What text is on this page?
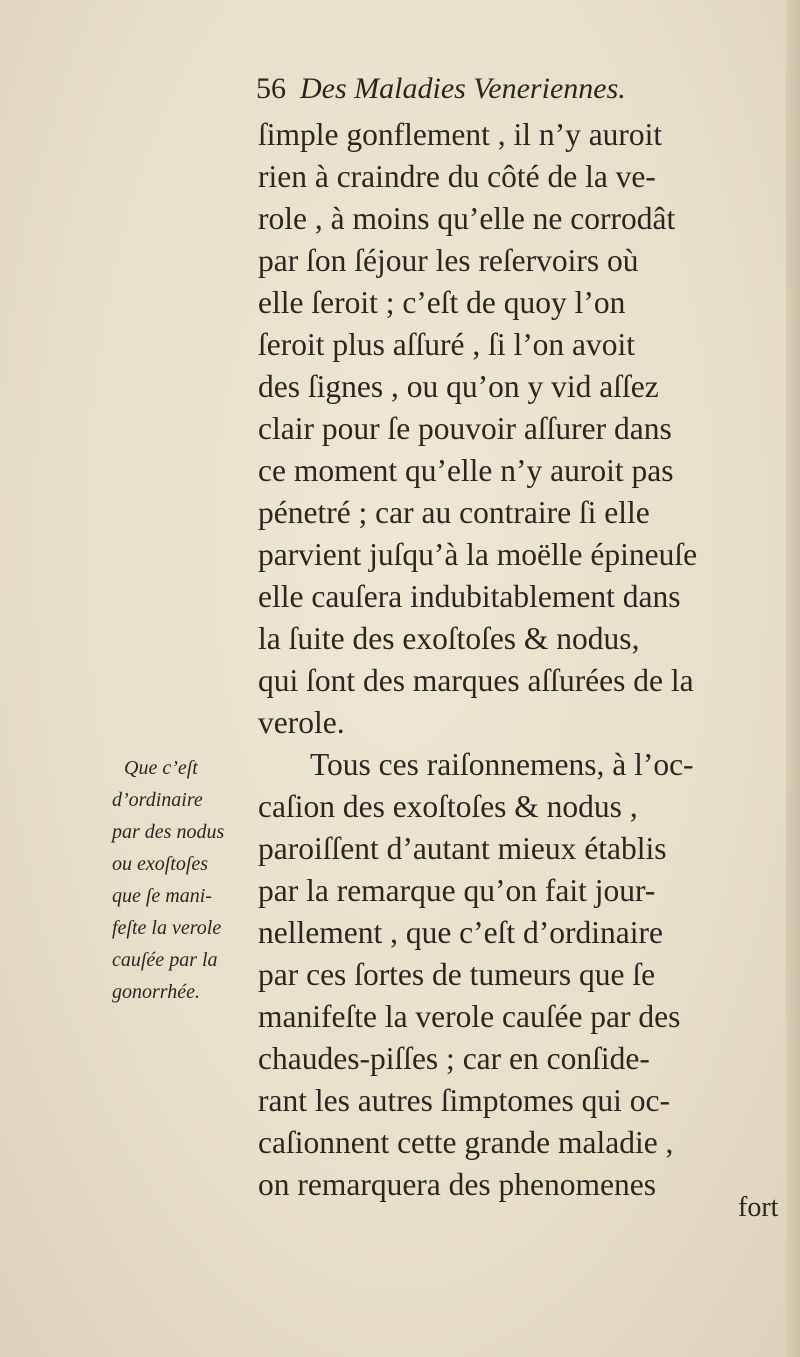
56 Des Maladies Veneriennes.
ſimple gonflement , il n’y auroit
rien à craindre du côté de la ve-
role , à moins qu’elle ne corrodât
par ſon ſéjour les reſervoirs où
elle ſeroit ; c’eſt de quoy l’on
ſeroit plus aſſuré , ſi l’on avoit
des ſignes , ou qu’on y vid aſſez
clair pour ſe pouvoir aſſurer dans
ce moment qu’elle n’y auroit pas
pénetré ; car au contraire ſi elle
parvient juſqu’à la moëlle épineuſe
elle cauſera indubitablement dans
la ſuite des exoſtoſes & nodus,
qui ſont des marques aſſurées de la
verole.
Tous ces raiſonnemens, à l’oc-
caſion des exoſtoſes & nodus ,
paroiſſent d’autant mieux établis
par la remarque qu’on fait jour-
nellement , que c’eſt d’ordinaire
par ces ſortes de tumeurs que ſe
manifeſte la verole cauſée par des
chaudes-piſſes ; car en conſide-
rant les autres ſimptomes qui oc-
caſionnent cette grande maladie ,
on remarquera des phenomenes
Que c’eſt
d’ordinaire
par des nodus
ou exoſtoſes
que ſe mani-
feſte la verole
cauſée par la
gonorrhée.
fort
